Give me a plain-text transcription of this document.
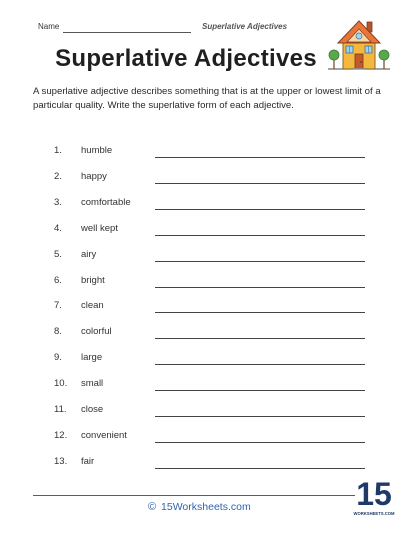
Name	Superlative Adjectives
Superlative Adjectives
A superlative adjective describes something that is at the upper or lowest limit of a particular quality. Write the superlative form of each adjective.
1. humble
2. happy
3. comfortable
4. well kept
5. airy
6. bright
7. clean
8. colorful
9. large
10. small
11. close
12. convenient
13. fair
© 15Worksheets.com	15
WORKSHEETS.COM
